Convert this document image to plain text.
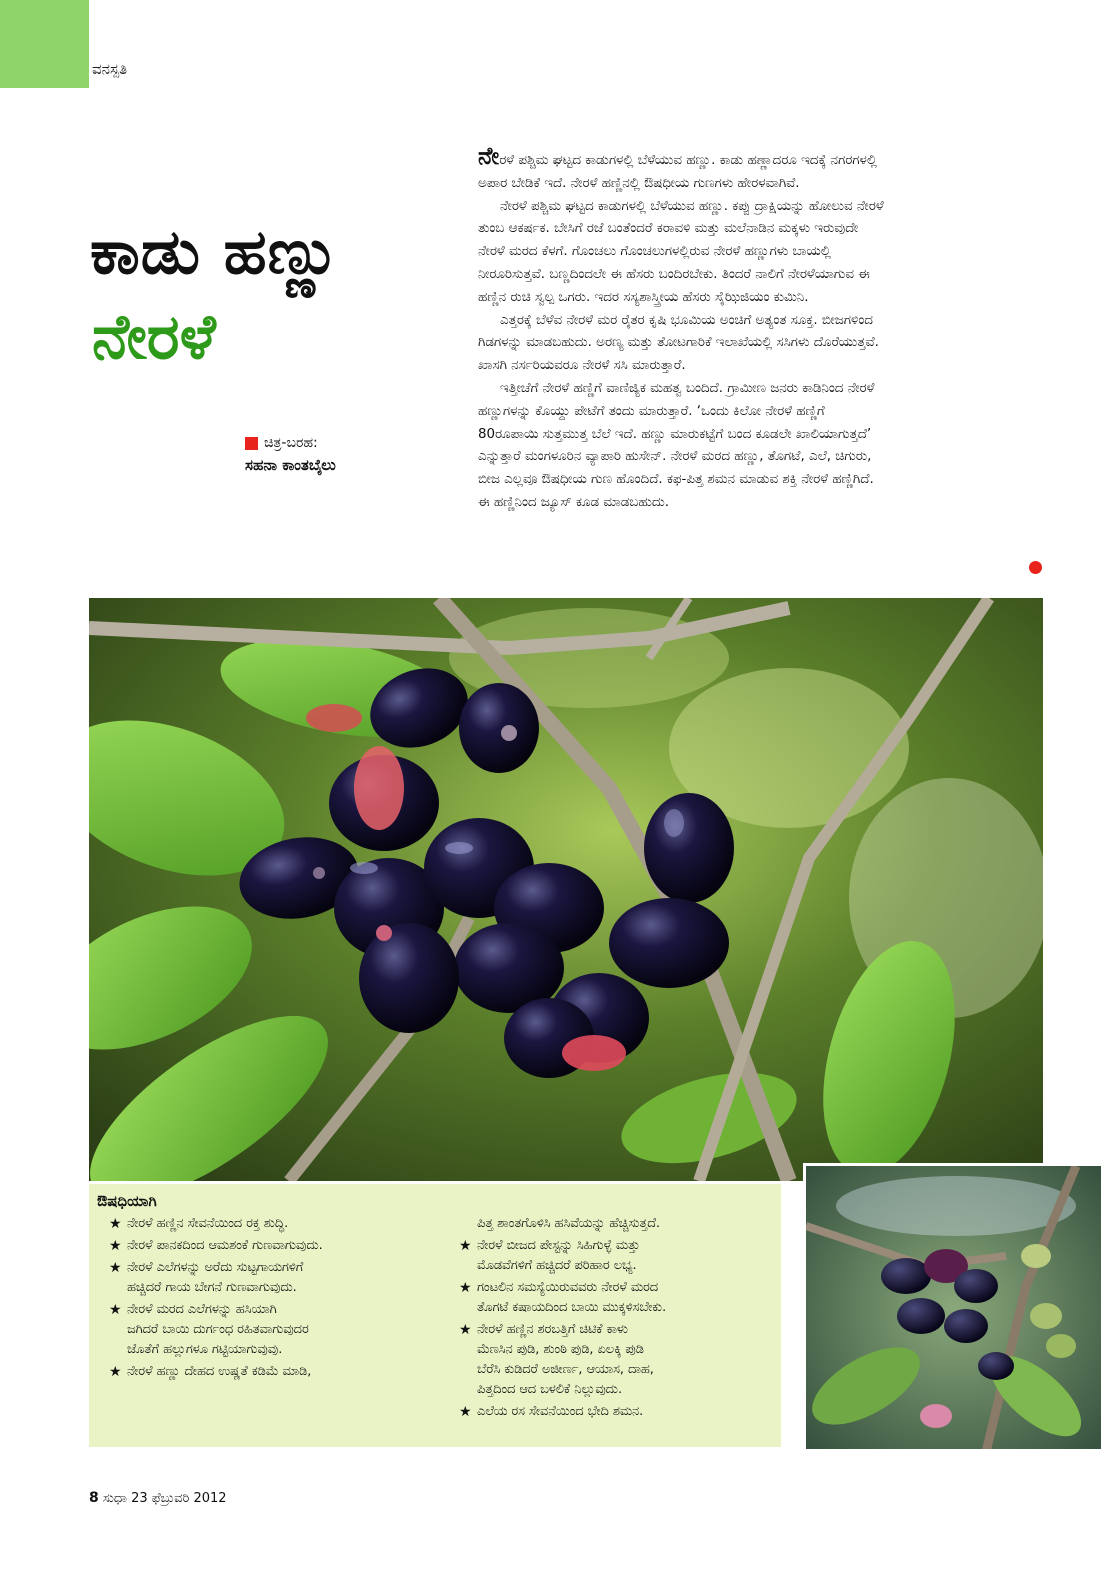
ವನಸ್ಪತಿ
ಕಾಡು ಹಣ್ಣು
ನೇರಳೆ
ಚಿತ್ರ-ಬರಹ:
ಸಹನಾ ಕಾಂತಬೈಲು

ನೇರಳೆ ಪಶ್ಚಿಮ ಘಟ್ಟದ ಕಾಡುಗಳಲ್ಲಿ ಬೆಳೆಯುವ ಹಣ್ಣು. ಕಾಡು ಹಣ್ಣಾದರೂ ಇದಕ್ಕೆ ನಗರಗಳಲ್ಲಿ
ಅಪಾರ ಬೇಡಿಕೆ ಇದೆ. ನೇರಳೆ ಹಣ್ಣಿನಲ್ಲಿ ಔಷಧೀಯ ಗುಣಗಳು ಹೇರಳವಾಗಿವೆ.

ನೇರಳೆ ಪಶ್ಚಿಮ ಘಟ್ಟದ ಕಾಡುಗಳಲ್ಲಿ ಬೆಳೆಯುವ ಹಣ್ಣು. ಕಪ್ಪು ದ್ರಾಕ್ಷಿಯನ್ನು ಹೋಲುವ ನೇರಳೆ
ತುಂಬ ಆಕರ್ಷಕ. ಬೇಸಿಗೆ ರಜೆ ಬಂತೆಂದರೆ ಕರಾವಳಿ ಮತ್ತು ಮಲೆನಾಡಿನ ಮಕ್ಕಳು ಇರುವುದೇ
ನೇರಳೆ ಮರದ ಕೆಳಗೆ. ಗೊಂಚಲು ಗೊಂಚಲುಗಳಲ್ಲಿರುವ ನೇರಳೆ ಹಣ್ಣುಗಳು ಬಾಯಲ್ಲಿ
ನೀರೂರಿಸುತ್ತವೆ. ಬಣ್ಣದಿಂದಲೇ ಈ ಹೆಸರು ಬಂದಿರಬೇಕು. ತಿಂದರೆ ನಾಲಿಗೆ ನೇರಳೆಯಾಗುವ ಈ
ಹಣ್ಣಿನ ರುಚಿ ಸ್ವಲ್ಪ ಒಗರು. ಇದರ ಸಸ್ಯಶಾಸ್ತ್ರೀಯ ಹೆಸರು ಸೈಝಿಜಿಯಂ ಕುಮಿನಿ.

ಎತ್ತರಕ್ಕೆ ಬೆಳೆವ ನೇರಳೆ ಮರ ರೈತರ ಕೃಷಿ ಭೂಮಿಯ ಅಂಚಿಗೆ ಅತ್ಯಂತ ಸೂಕ್ತ. ಬೀಜಗಳಿಂದ
ಗಿಡಗಳನ್ನು ಮಾಡಬಹುದು. ಅರಣ್ಯ ಮತ್ತು ತೋಟಗಾರಿಕೆ ಇಲಾಖೆಯಲ್ಲಿ ಸಸಿಗಳು ದೊರೆಯುತ್ತವೆ.
ಖಾಸಗಿ ನರ್ಸರಿಯವರೂ ನೇರಳೆ ಸಸಿ ಮಾರುತ್ತಾರೆ.

ಇತ್ತೀಚೆಗೆ ನೇರಳೆ ಹಣ್ಣಿಗೆ ವಾಣಿಜ್ಯಿಕ ಮಹತ್ವ ಬಂದಿದೆ. ಗ್ರಾಮೀಣ ಜನರು ಕಾಡಿನಿಂದ ನೇರಳೆ
ಹಣ್ಣುಗಳನ್ನು ಕೊಯ್ದು ಪೇಟೆಗೆ ತಂದು ಮಾರುತ್ತಾರೆ. ‘ಒಂದು ಕಿಲೋ ನೇರಳೆ ಹಣ್ಣಿಗೆ
80ರೂಪಾಯಿ ಸುತ್ತಮುತ್ತ ಬೆಲೆ ಇದೆ. ಹಣ್ಣು ಮಾರುಕಟ್ಟೆಗೆ ಬಂದ ಕೂಡಲೇ ಖಾಲಿಯಾಗುತ್ತದೆ’
ಎನ್ನುತ್ತಾರೆ ಮಂಗಳೂರಿನ ವ್ಯಾಪಾರಿ ಹುಸೇನ್. ನೇರಳೆ ಮರದ ಹಣ್ಣು, ತೊಗಟೆ, ಎಲೆ, ಚಿಗುರು,
ಬೀಜ ಎಲ್ಲವೂ ಔಷಧೀಯ ಗುಣ ಹೊಂದಿದೆ. ಕಫ-ಪಿತ್ತ ಶಮನ ಮಾಡುವ ಶಕ್ತಿ ನೇರಳೆ ಹಣ್ಣಿಗಿದೆ.
ಈ ಹಣ್ಣಿನಿಂದ ಜ್ಯೂಸ್ ಕೂಡ ಮಾಡಬಹುದು.

ಔಷಧಿಯಾಗಿ
★ ನೇರಳೆ ಹಣ್ಣಿನ ಸೇವನೆಯಿಂದ ರಕ್ತ ಶುದ್ಧಿ.
★ ನೇರಳೆ ಪಾನಕದಿಂದ ಆಮಶಂಕೆ ಗುಣವಾಗುವುದು.
★ ನೇರಳೆ ಎಲೆಗಳನ್ನು ಅರೆದು ಸುಟ್ಟಗಾಯಗಳಿಗೆ
ಹಚ್ಚಿದರೆ ಗಾಯ ಬೇಗನೆ ಗುಣವಾಗುವುದು.
★ ನೇರಳೆ ಮರದ ಎಲೆಗಳನ್ನು ಹಸಿಯಾಗಿ
ಜಗಿದರೆ ಬಾಯಿ ದುರ್ಗಂಧ ರಹಿತವಾಗುವುದರ
ಜೊತೆಗೆ ಹಲ್ಲುಗಳೂ ಗಟ್ಟಿಯಾಗುವುವು.
★ ನೇರಳೆ ಹಣ್ಣು ದೇಹದ ಉಷ್ಣತೆ ಕಡಿಮೆ ಮಾಡಿ,
ಪಿತ್ತ ಶಾಂತಗೊಳಿಸಿ ಹಸಿವೆಯನ್ನು ಹೆಚ್ಚಿಸುತ್ತದೆ.
★ ನೇರಳೆ ಬೀಜದ ಪೇಸ್ಟನ್ನು ಸಿಹಿಗುಳ್ಳೆ ಮತ್ತು
ಮೊಡವೆಗಳಿಗೆ ಹಚ್ಚಿದರೆ ಪರಿಹಾರ ಲಭ್ಯ.
★ ಗಂಟಲಿನ ಸಮಸ್ಯೆಯಿರುವವರು ನೇರಳೆ ಮರದ
ತೊಗಟೆ ಕಷಾಯದಿಂದ ಬಾಯಿ ಮುಕ್ಕಳಿಸಬೇಕು.
★ ನೇರಳೆ ಹಣ್ಣಿನ ಶರಬತ್ತಿಗೆ ಚಿಟಿಕೆ ಕಾಳು
ಮೆಣಸಿನ ಪುಡಿ, ಶುಂಠಿ ಪುಡಿ, ಏಲಕ್ಕಿ ಪುಡಿ
ಬೆರೆಸಿ ಕುಡಿದರೆ ಅಜೀರ್ಣ, ಆಯಾಸ, ದಾಹ,
ಪಿತ್ತದಿಂದ ಆದ ಬಳಲಿಕೆ ನಿಲ್ಲುವುದು.
★ ಎಲೆಯ ರಸ ಸೇವನೆಯಿಂದ ಭೇದಿ ಶಮನ.
8 ಸುಧಾ 23 ಫೆಬ್ರುವರಿ 2012
